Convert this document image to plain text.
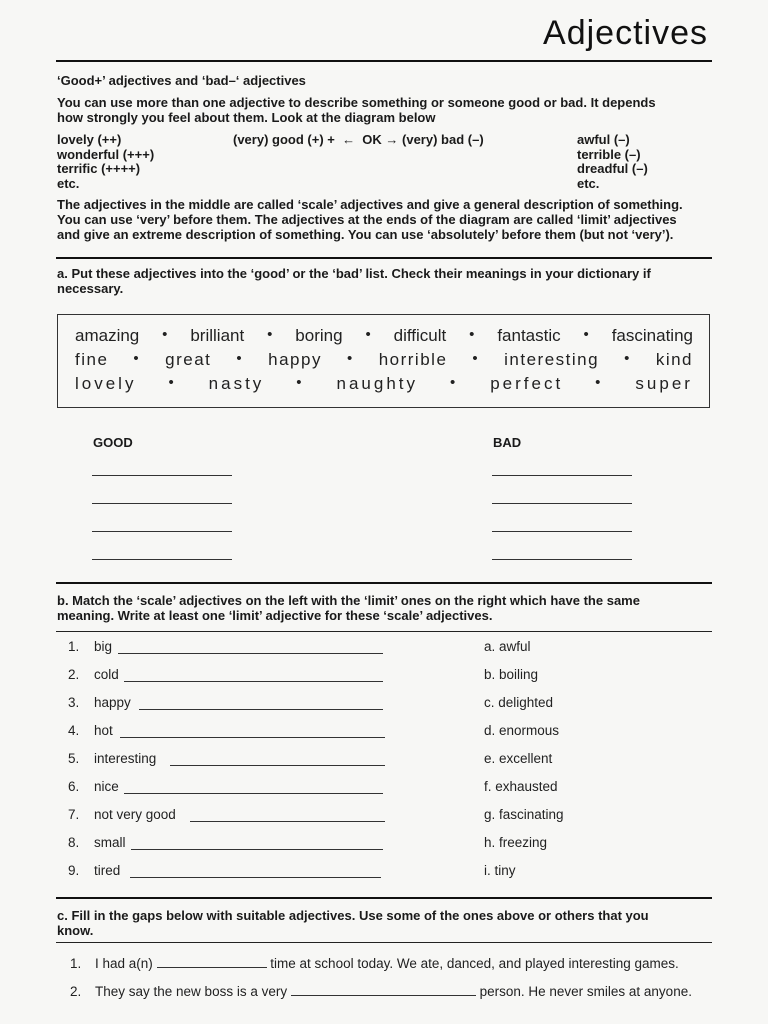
Adjectives
‘Good+’ adjectives and ‘bad–‘ adjectives
You can use more than one adjective to describe something or someone good or bad. It depends
how strongly you feel about them. Look at the diagram below
lovely (++)
wonderful (+++)
terrific (++++)
etc.
(very) good (+) +  ←  OK → (very) bad (–)	awful (–)
terrible (–)
dreadful (–)
etc.
The adjectives in the middle are called ‘scale’ adjectives and give a general description of something.
You can use ‘very’ before them. The adjectives at the ends of the diagram are called ‘limit’ adjectives
and give an extreme description of something. You can use ‘absolutely’ before them (but not ‘very’).
a. Put these adjectives into the ‘good’ or the ‘bad’ list. Check their meanings in your dictionary if
necessary.
amazing • brilliant • boring • difficult • fantastic • fascinating
fine • great • happy • horrible • interesting • kind
lovely • nasty • naughty • perfect • super
GOOD	BAD
b. Match the ‘scale’ adjectives on the left with the ‘limit’ ones on the right which have the same
meaning. Write at least one ‘limit’ adjective for these ‘scale’ adjectives.
1. big
2. cold
3. happy
4. hot
5. interesting
6. nice
7. not very good
8. small
9. tired
a. awful
b. boiling
c. delighted
d. enormous
e. excellent
f. exhausted
g. fascinating
h. freezing
i. tiny
c. Fill in the gaps below with suitable adjectives. Use some of the ones above or others that you
know.
1. I had a(n)	time at school today. We ate, danced, and played interesting games.
2. They say the new boss is a very	person. He never smiles at anyone.
